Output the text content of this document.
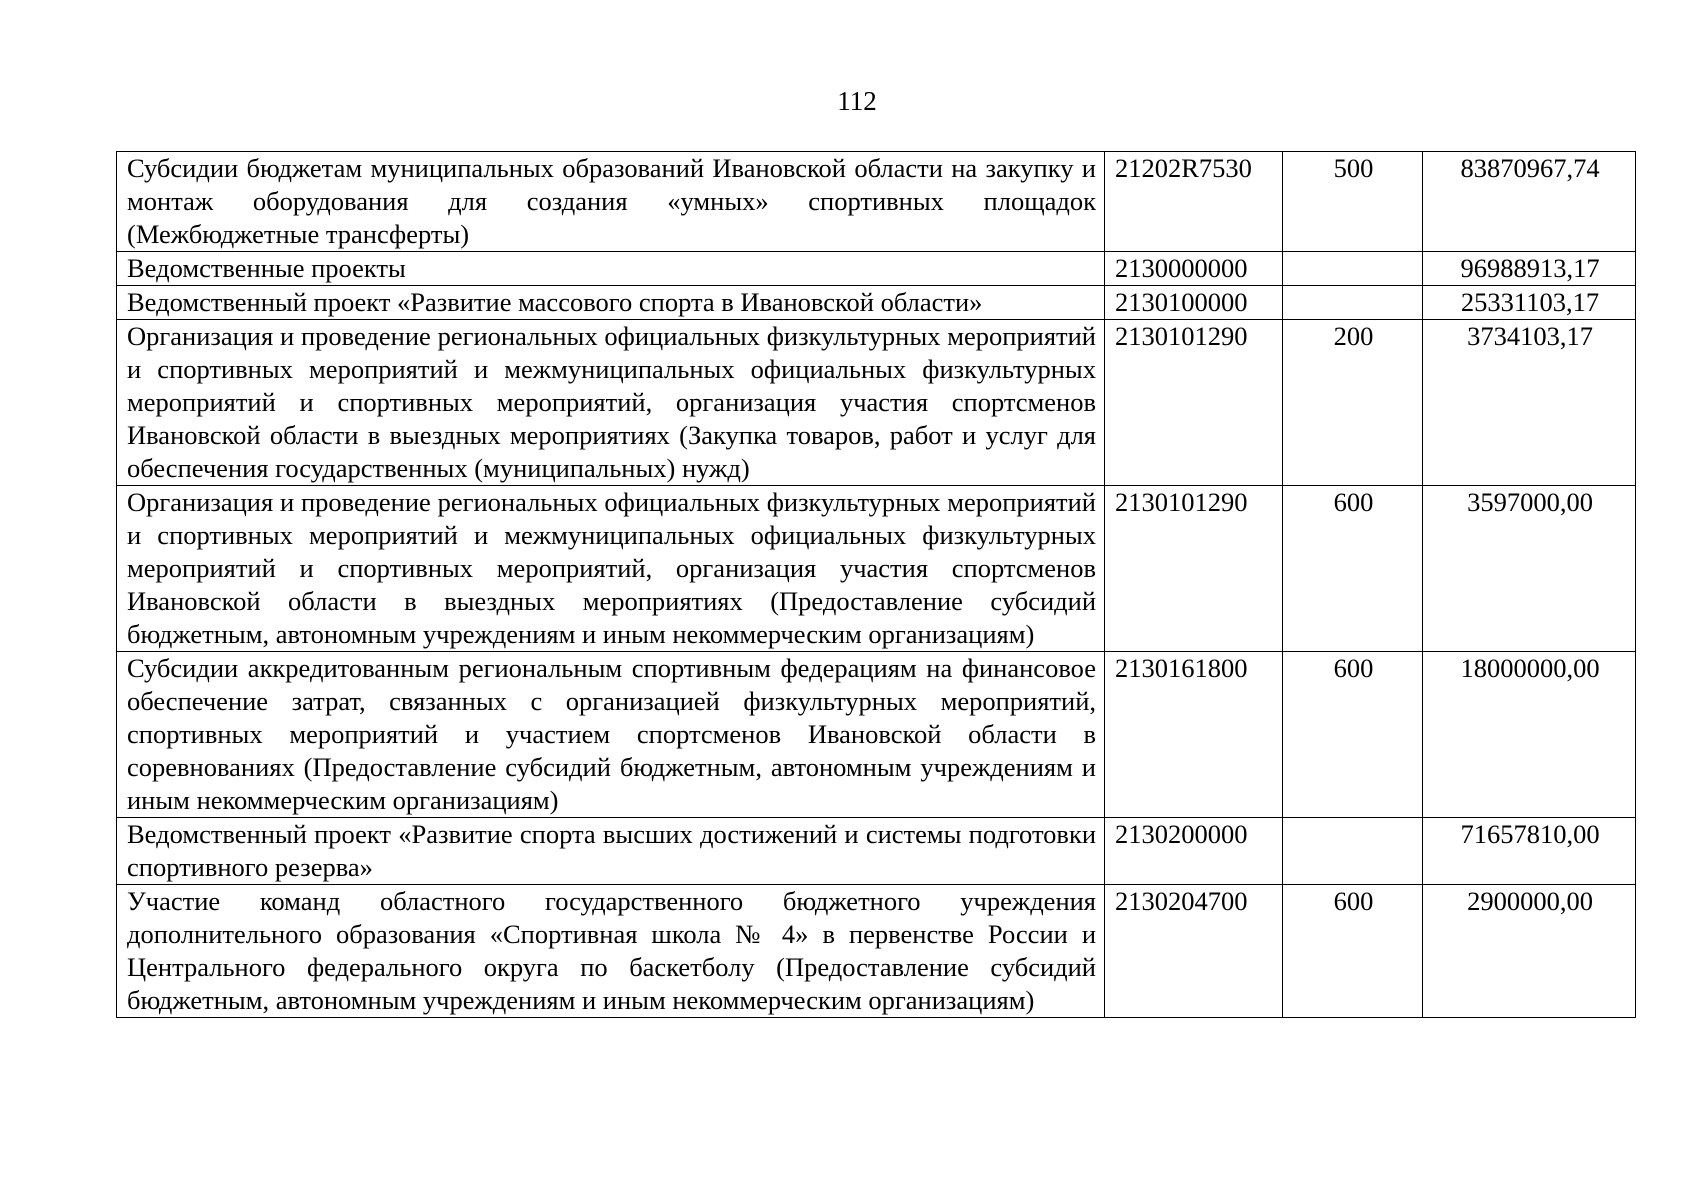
112
Субсидии бюджетам муниципальных образований Ивановской области на закупку и монтаж оборудования для создания «умных» спортивных площадок (Межбюджетные трансферты)	21202R7530	500	83870967,74
Ведомственные проекты	2130000000		96988913,17
Ведомственный проект «Развитие массового спорта в Ивановской области»	2130100000		25331103,17
Организация и проведение региональных официальных физкультурных мероприятий и спортивных мероприятий и межмуниципальных официальных физкультурных мероприятий и спортивных мероприятий, организация участия спортсменов Ивановской области в выездных мероприятиях (Закупка товаров, работ и услуг для обеспечения государственных (муниципальных) нужд)	2130101290	200	3734103,17
Организация и проведение региональных официальных физкультурных мероприятий и спортивных мероприятий и межмуниципальных официальных физкультурных мероприятий и спортивных мероприятий, организация участия спортсменов Ивановской области в выездных мероприятиях (Предоставление субсидий бюджетным, автономным учреждениям и иным некоммерческим организациям)	2130101290	600	3597000,00
Субсидии аккредитованным региональным спортивным федерациям на финансовое обеспечение затрат, связанных с организацией физкультурных мероприятий, спортивных мероприятий и участием спортсменов Ивановской области в соревнованиях (Предоставление субсидий бюджетным, автономным учреждениям и иным некоммерческим организациям)	2130161800	600	18000000,00
Ведомственный проект «Развитие спорта высших достижений и системы подготовки спортивного резерва»	2130200000		71657810,00
Участие команд областного государственного бюджетного учреждения дополнительного образования «Спортивная школа № 4» в первенстве России и Центрального федерального округа по баскетболу (Предоставление субсидий бюджетным, автономным учреждениям и иным некоммерческим организациям)	2130204700	600	2900000,00
